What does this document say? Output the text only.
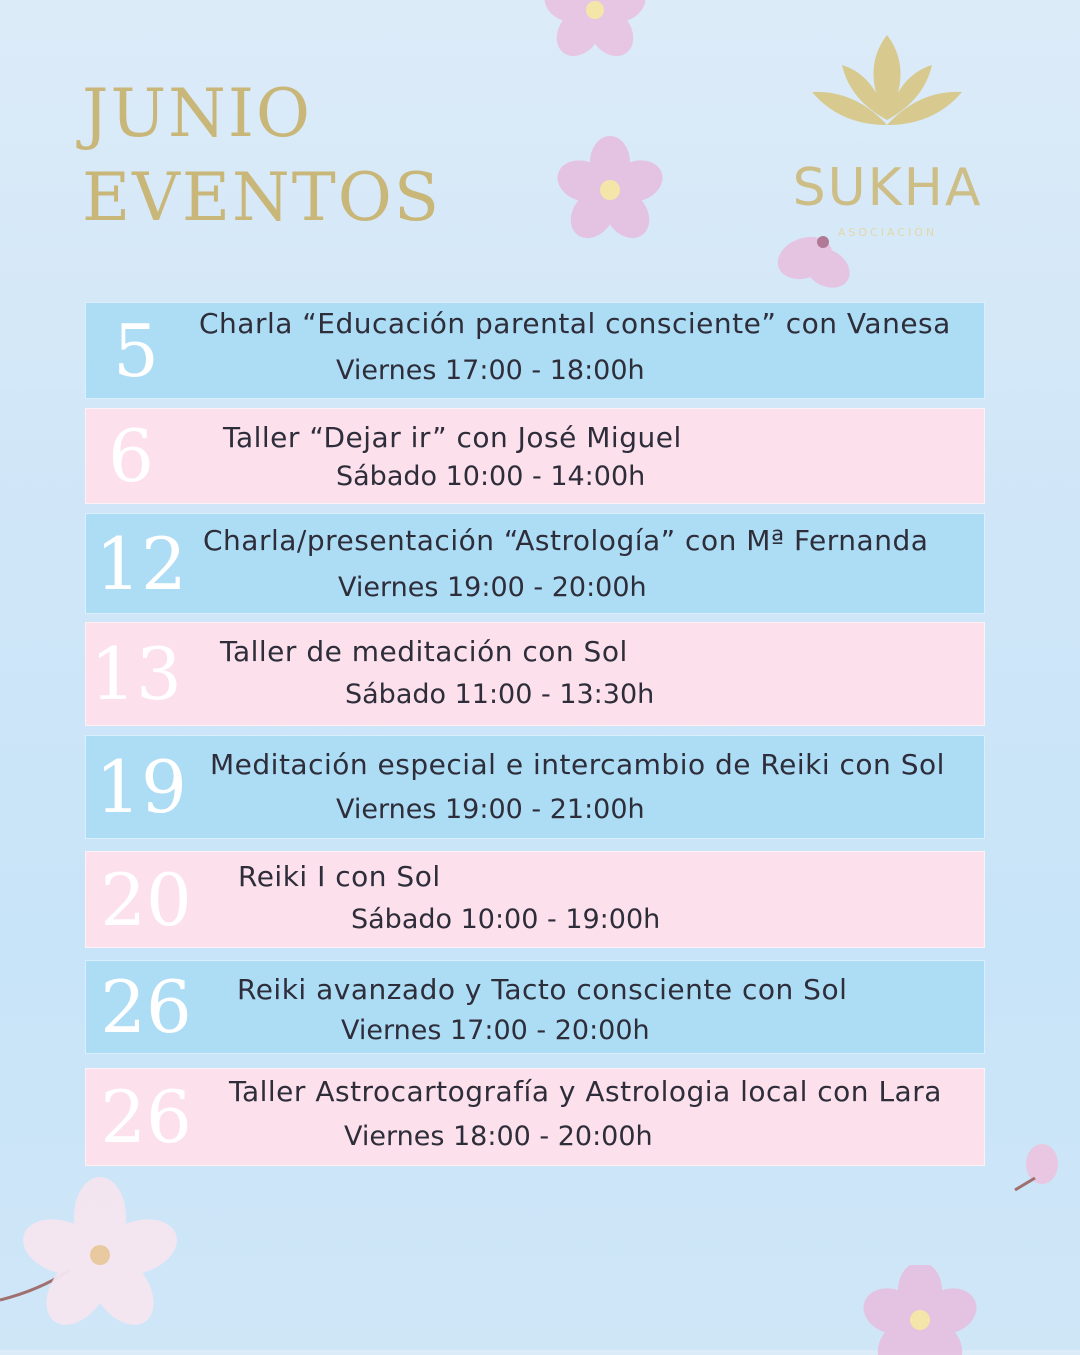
JUNIO
EVENTOS	SUKHA
ASOCIACIÓN
5	Charla “Educación parental consciente” con Vanesa
Viernes 17:00 - 18:00h
6	Taller “Dejar ir” con José Miguel
Sábado 10:00 - 14:00h
12 Charla/presentación “Astrología” con Mª Fernanda
Viernes 19:00 - 20:00h
13 Taller de meditación con Sol
Sábado 11:00 - 13:30h
19 Meditación especial e intercambio de Reiki con Sol
Viernes 19:00 - 21:00h
20	Reiki I con Sol
Sábado 10:00 - 19:00h
26	Reiki avanzado y Tacto consciente con Sol
Viernes 17:00 - 20:00h
26	Taller Astrocartografía y Astrologia local con Lara
Viernes 18:00 - 20:00h
